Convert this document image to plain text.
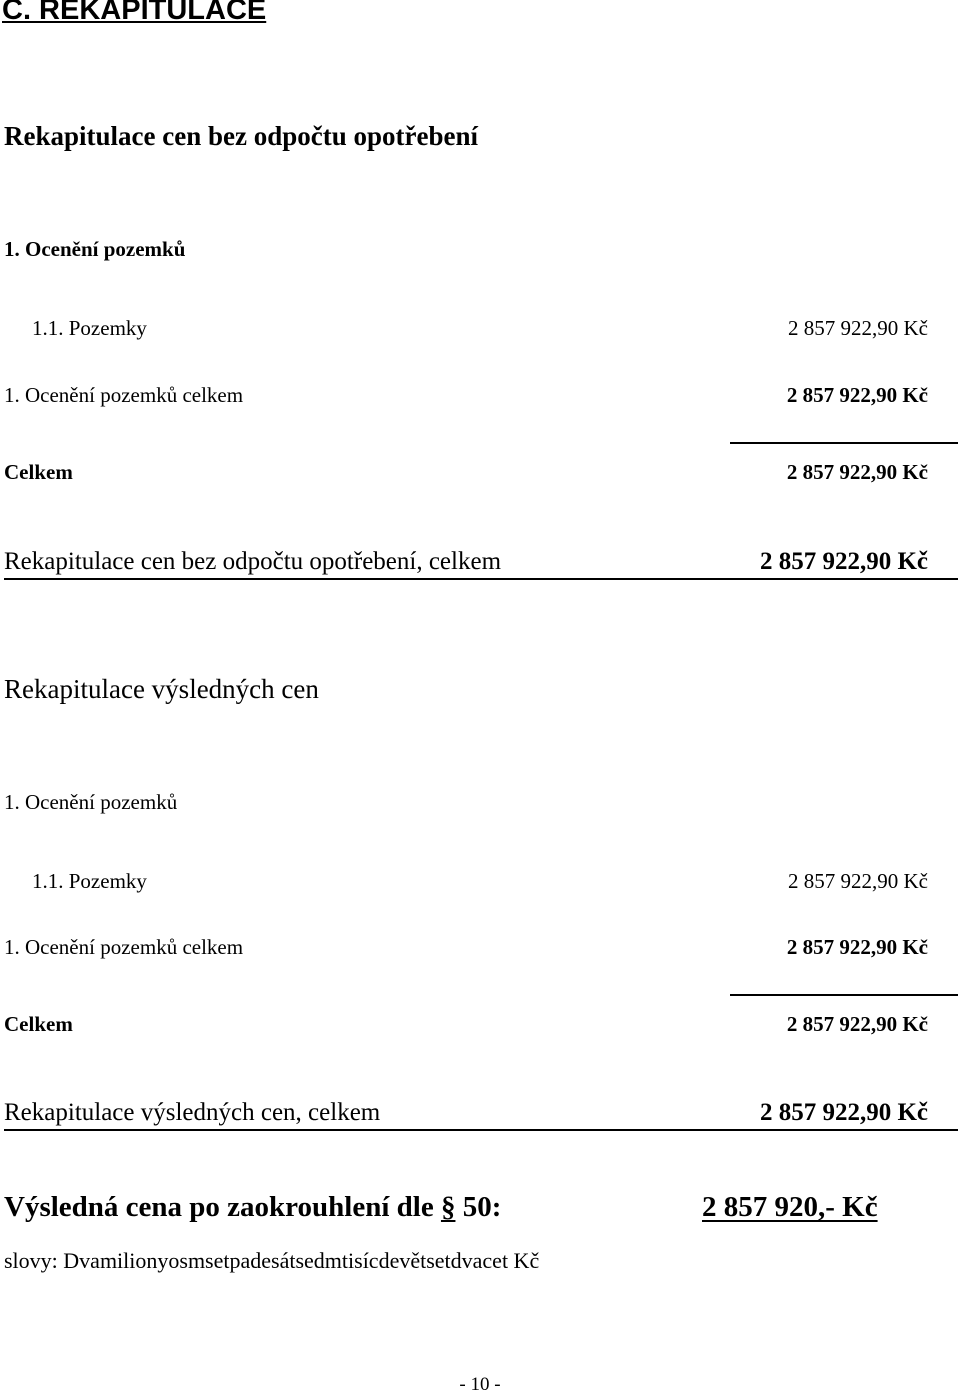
C. REKAPITULACE
Rekapitulace cen bez odpočtu opotřebení
1. Ocenění pozemků
1.1. Pozemky	2 857 922,90 Kč
1. Ocenění pozemků celkem	2 857 922,90 Kč
Celkem	2 857 922,90 Kč
Rekapitulace cen bez odpočtu opotřebení, celkem	2 857 922,90 Kč
Rekapitulace výsledných cen
1. Ocenění pozemků
1.1. Pozemky	2 857 922,90 Kč
1. Ocenění pozemků celkem	2 857 922,90 Kč
Celkem	2 857 922,90 Kč
Rekapitulace výsledných cen, celkem	2 857 922,90 Kč
Výsledná cena po zaokrouhlení dle § 50:	2 857 920,- Kč
slovy: Dvamilionyosmsetpadesátsedmtisícdevětsetdvacet Kč
- 10 -
